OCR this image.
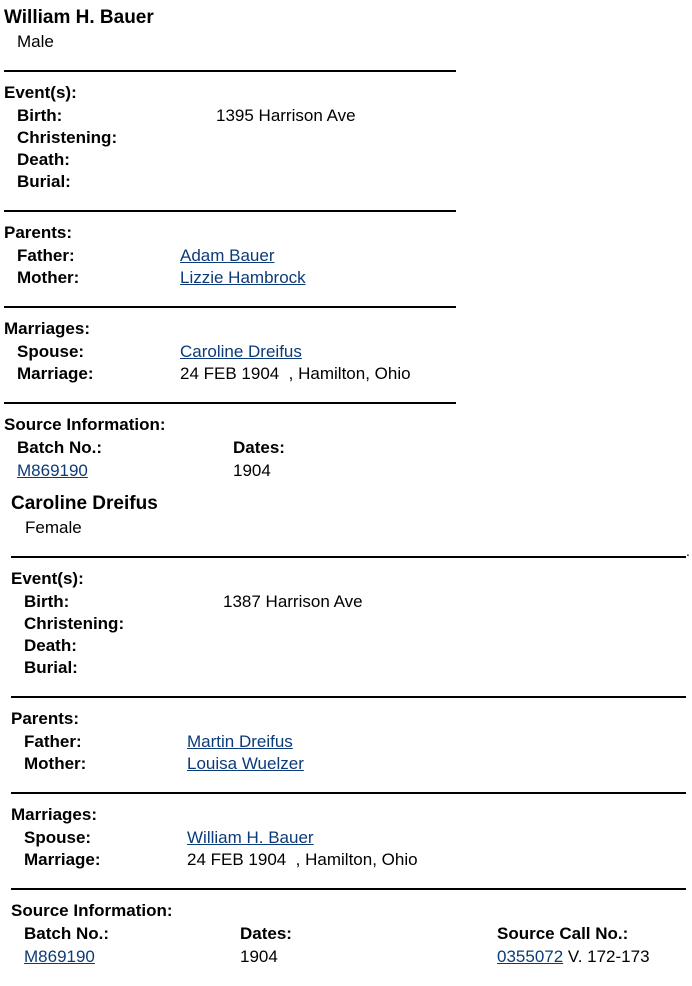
William H. Bauer
Male
Event(s):
Birth:	1395 Harrison Ave
Christening:
Death:
Burial:
Parents:
Father:	Adam Bauer
Mother:	Lizzie Hambrock
Marriages:
Spouse:	Caroline Dreifus
Marriage:	24 FEB 1904  , Hamilton, Ohio
Source Information:
Batch No.:	Dates:
M869190	1904
Caroline Dreifus
Female
.
Event(s):
Birth:	1387 Harrison Ave
Christening:
Death:
Burial:
Parents:
Father:	Martin Dreifus
Mother:	Louisa Wuelzer
Marriages:
Spouse:	William H. Bauer
Marriage:	24 FEB 1904  , Hamilton, Ohio
Source Information:
Batch No.:	Dates:	Source Call No.:
M869190	1904	0355072 V. 172-173
